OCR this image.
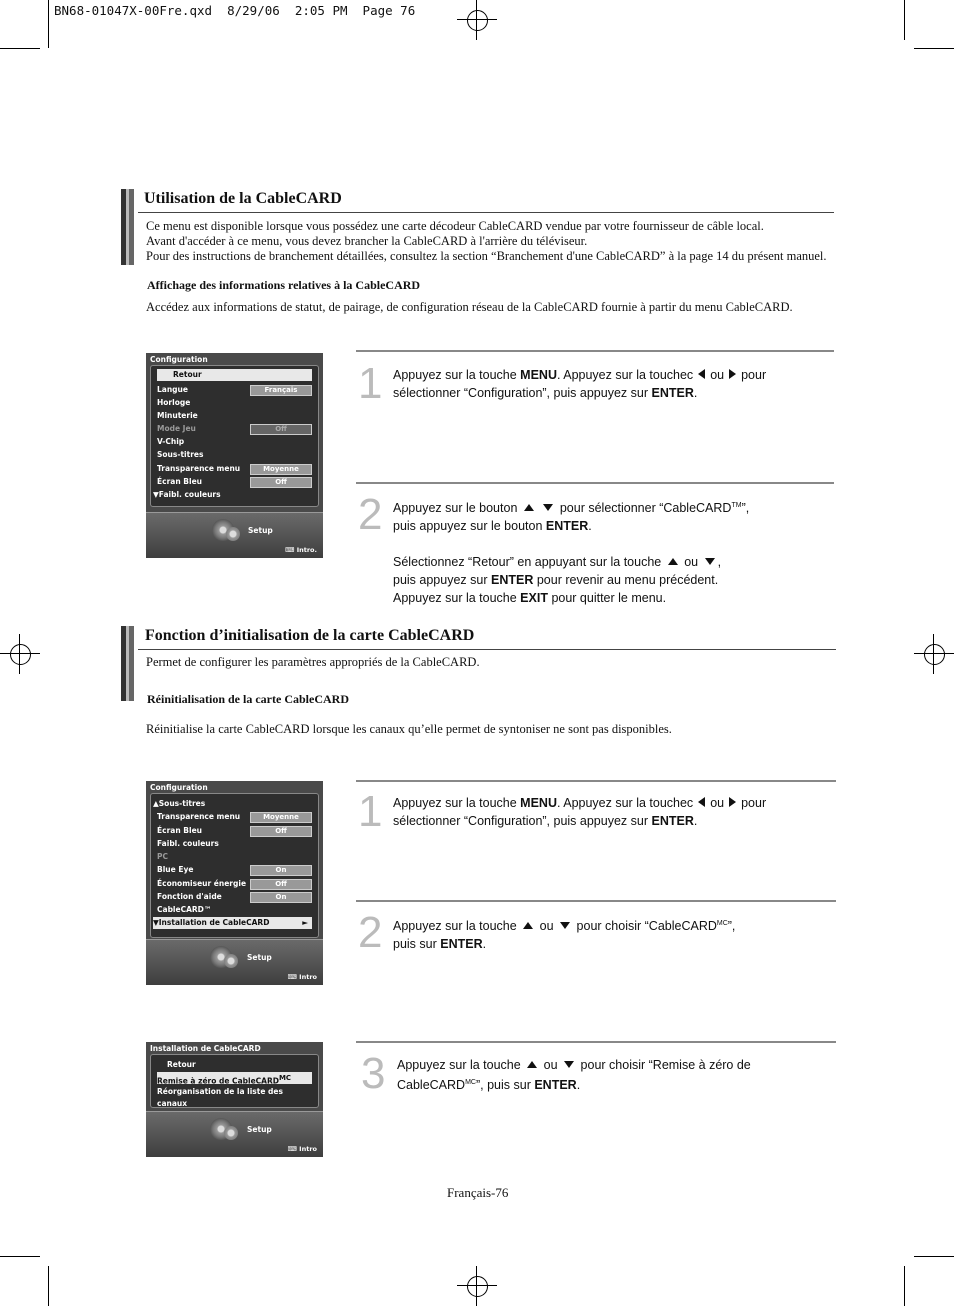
BN68-01047X-00Fre.qxd  8/29/06  2:05 PM  Page 76
Utilisation de la CableCARD
Ce menu est disponible lorsque vous possédez une carte décodeur CableCARD vendue par votre fournisseur de câble local.
Avant d'accéder à ce menu, vous devez brancher la CableCARD à l'arrière du téléviseur.
Pour des instructions de branchement détaillées, consultez la section “Branchement d'une CableCARD” à la page 14 du présent manuel.
Affichage des informations relatives à la CableCARD
Accédez aux informations de statut, de pairage, de configuration réseau de la CableCARD fournie à partir du menu CableCARD.
Configuration
Retour
Langue	Français
Horloge
Minuterie
Mode Jeu	Off
V-Chip
Sous-titres
Transparence menu	Moyenne
Écran Bleu	Off
▼Faibl. couleurs
Setup
⌨ Intro.
1 Appuyez sur la touche MENU. Appuyez sur la touchec ou pour
sélectionner “Configuration”, puis appuyez sur ENTER.
2 Appuyez sur le bouton	pour sélectionner “CableCARD™”,
puis appuyez sur le bouton ENTER.
Sélectionnez “Retour” en appuyant sur la touche ou ,
puis appuyez sur ENTER pour revenir au menu précédent.
Appuyez sur la touche EXIT pour quitter le menu.
Fonction d’initialisation de la carte CableCARD
Permet de configurer les paramètres appropriés de la CableCARD.
Réinitialisation de la carte CableCARD
Réinitialise la carte CableCARD lorsque les canaux qu’elle permet de syntoniser ne sont pas disponibles.
Configuration
▲Sous-titres
Transparence menu	Moyenne
Écran Bleu	Off
Faibl. couleurs
PC
Blue Eye	On
Économiseur énergie	Off
Fonction d'aide	On
CableCARD™
▼Installation de CableCARD	►
Setup
⌨ Intro
Installation de CableCARD
Retour
Remise à zéro de CableCARD$^{MC}$
Réorganisation de la liste des canaux
Setup
⌨ Intro
1 Appuyez sur la touche MENU. Appuyez sur la touchec ou pour
sélectionner “Configuration”, puis appuyez sur ENTER.
2 Appuyez sur la touche ou pour choisir “CableCARD$^{MC}$”,
puis sur ENTER.
3 Appuyez sur la touche ou pour choisir “Remise à zéro de
CableCARD$^{MC}$”, puis sur ENTER.
Français-76
